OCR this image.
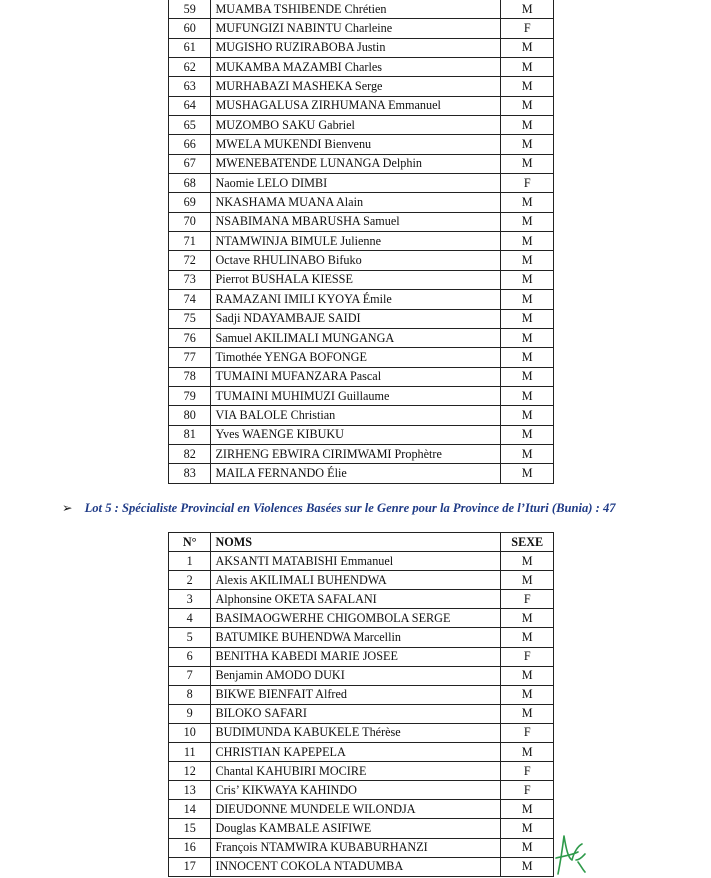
59	MUAMBA TSHIBENDE Chrétien	M
60	MUFUNGIZI NABINTU Charleine	F
61	MUGISHO RUZIRABOBA Justin	M
62	MUKAMBA MAZAMBI Charles	M
63	MURHABAZI MASHEKA Serge	M
64	MUSHAGALUSA ZIRHUMANA Emmanuel	M
65	MUZOMBO SAKU Gabriel	M
66	MWELA MUKENDI Bienvenu	M
67	MWENEBATENDE LUNANGA Delphin	M
68	Naomie LELO DIMBI	F
69	NKASHAMA MUANA Alain	M
70	NSABIMANA MBARUSHA Samuel	M
71	NTAMWINJA BIMULE Julienne	M
72	Octave RHULINABO Bifuko	M
73	Pierrot BUSHALA KIESSE	M
74	RAMAZANI IMILI KYOYA Émile	M
75	Sadji NDAYAMBAJE SAIDI	M
76	Samuel AKILIMALI MUNGANGA	M
77	Timothée YENGA BOFONGE	M
78	TUMAINI MUFANZARA Pascal	M
79	TUMAINI MUHIMUZI Guillaume	M
80	VIA BALOLE Christian	M
81	Yves WAENGE KIBUKU	M
82	ZIRHENG EBWIRA CIRIMWAMI Prophètre	M
83	MAILA FERNANDO Élie	M
➢ Lot 5 : Spécialiste Provincial en Violences Basées sur le Genre pour la Province de l’Ituri (Bunia) : 47
N°	NOMS	SEXE
1	AKSANTI MATABISHI Emmanuel	M
2	Alexis AKILIMALI BUHENDWA	M
3	Alphonsine OKETA SAFALANI	F
4	BASIMAOGWERHE CHIGOMBOLA SERGE	M
5	BATUMIKE BUHENDWA Marcellin	M
6	BENITHA KABEDI MARIE JOSEE	F
7	Benjamin AMODO DUKI	M
8	BIKWE BIENFAIT Alfred	M
9	BILOKO SAFARI	M
10	BUDIMUNDA KABUKELE Thérèse	F
11	CHRISTIAN KAPEPELA	M
12	Chantal KAHUBIRI MOCIRE	F
13	Cris’ KIKWAYA KAHINDO	F
14	DIEUDONNE MUNDELE WILONDJA	M
15	Douglas KAMBALE ASIFIWE	M
16	François NTAMWIRA KUBABURHANZI	M
17	INNOCENT COKOLA NTADUMBA	M
